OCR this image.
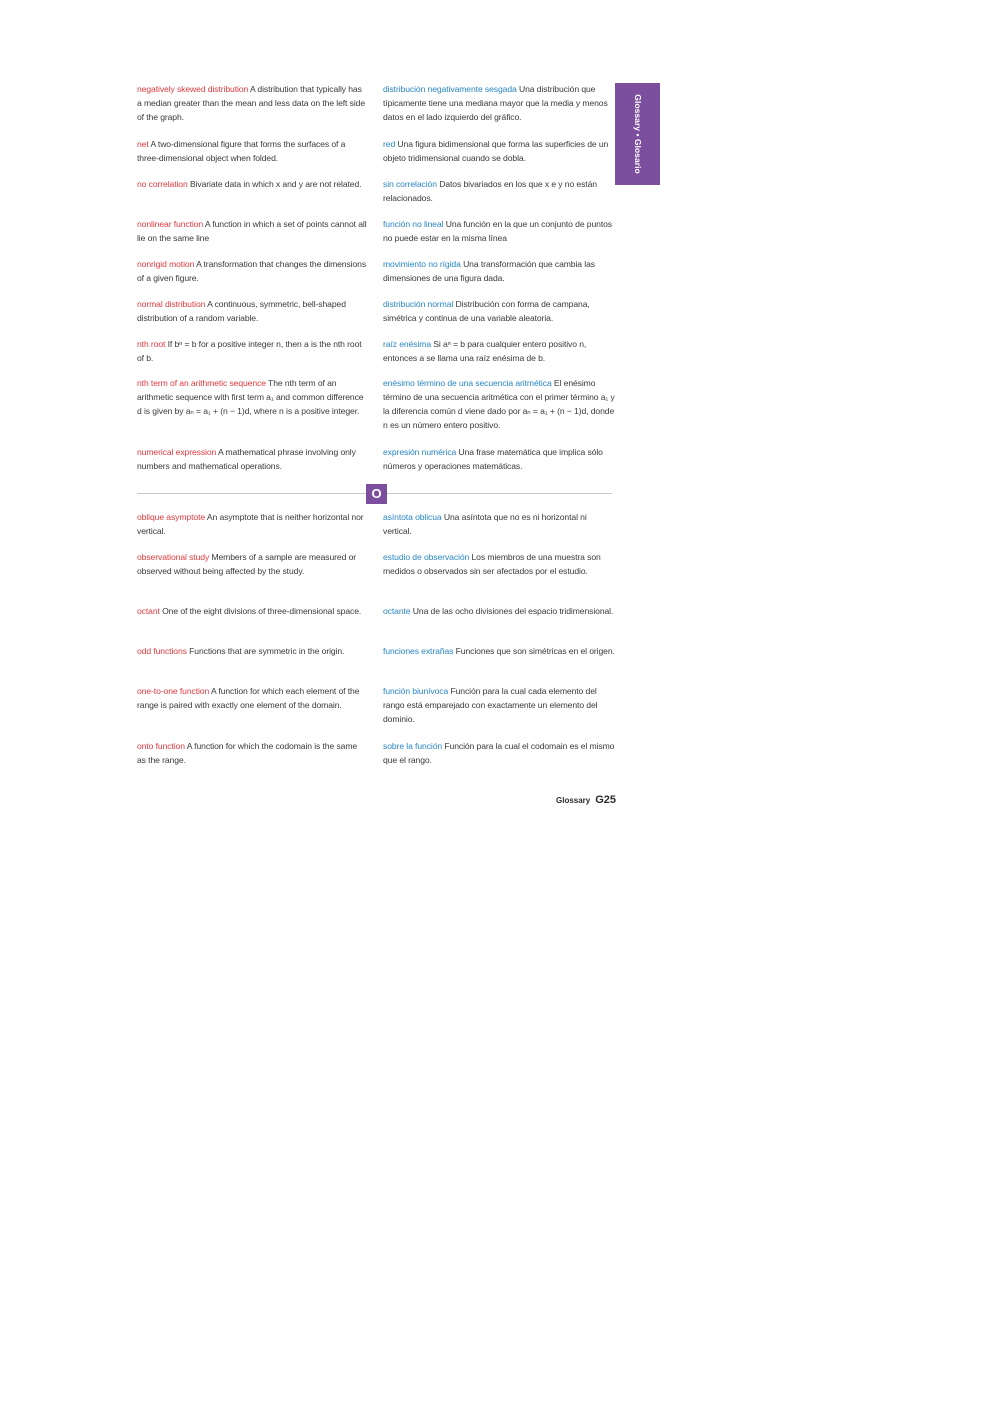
Glossary • Glosario
negatively skewed distribution A distribution that typically has a median greater than the mean and less data on the left side of the graph.
distribución negativamente sesgada Una distribución que típicamente tiene una mediana mayor que la media y menos datos en el lado izquierdo del gráfico.
net A two-dimensional figure that forms the surfaces of a three-dimensional object when folded.
red Una figura bidimensional que forma las superficies de un objeto tridimensional cuando se dobla.
no correlation Bivariate data in which x and y are not related.	sin correlación Datos bivariados en los que x e y no están relacionados.
nonlinear function A function in which a set of points cannot all lie on the same line
función no lineal Una función en la que un conjunto de puntos no puede estar en la misma línea
nonrigid motion A transformation that changes the dimensions of a given figure.
movimiento no rígida Una transformación que cambia las dimensiones de una figura dada.
normal distribution A continuous, symmetric, bell-shaped distribution of a random variable.
distribución normal Distribución con forma de campana, simétrica y continua de una variable aleatoria.
nth root If bⁿ = b for a positive integer n, then a is the nth root of b.
raíz enésima Si aⁿ = b para cualquier entero positivo n, entonces a se llama una raíz enésima de b.
nth term of an arithmetic sequence The nth term of an arithmetic sequence with first term a₁ and common difference d is given by aₙ = a₁ + (n − 1)d, where n is a positive integer.
enésimo término de una secuencia aritmética El enésimo término de una secuencia aritmética con el primer término a₁ y la diferencia común d viene dado por aₙ = a₁ + (n − 1)d, donde n es un número entero positivo.
numerical expression A mathematical phrase involving only numbers and mathematical operations.
expresión numérica Una frase matemática que implica sólo números y operaciones matemáticas.
O
oblique asymptote An asymptote that is neither horizontal nor vertical.
asíntota oblicua Una asíntota que no es ni horizontal ni vertical.
observational study Members of a sample are measured or observed without being affected by the study.
estudio de observación Los miembros de una muestra son medidos o observados sin ser afectados por el estudio.
octant One of the eight divisions of three-dimensional space.	octante Una de las ocho divisiones del espacio tridimensional.
odd functions Functions that are symmetric in the origin.	funciones extrañas Funciones que son simétricas en el origen.
one-to-one function A function for which each element of the range is paired with exactly one element of the domain.
función biunívoca Función para la cual cada elemento del rango está emparejado con exactamente un elemento del dominio.
onto function A function for which the codomain is the same as the range.
sobre la función Función para la cual el codomain es el mismo que el rango.
Glossary G25
